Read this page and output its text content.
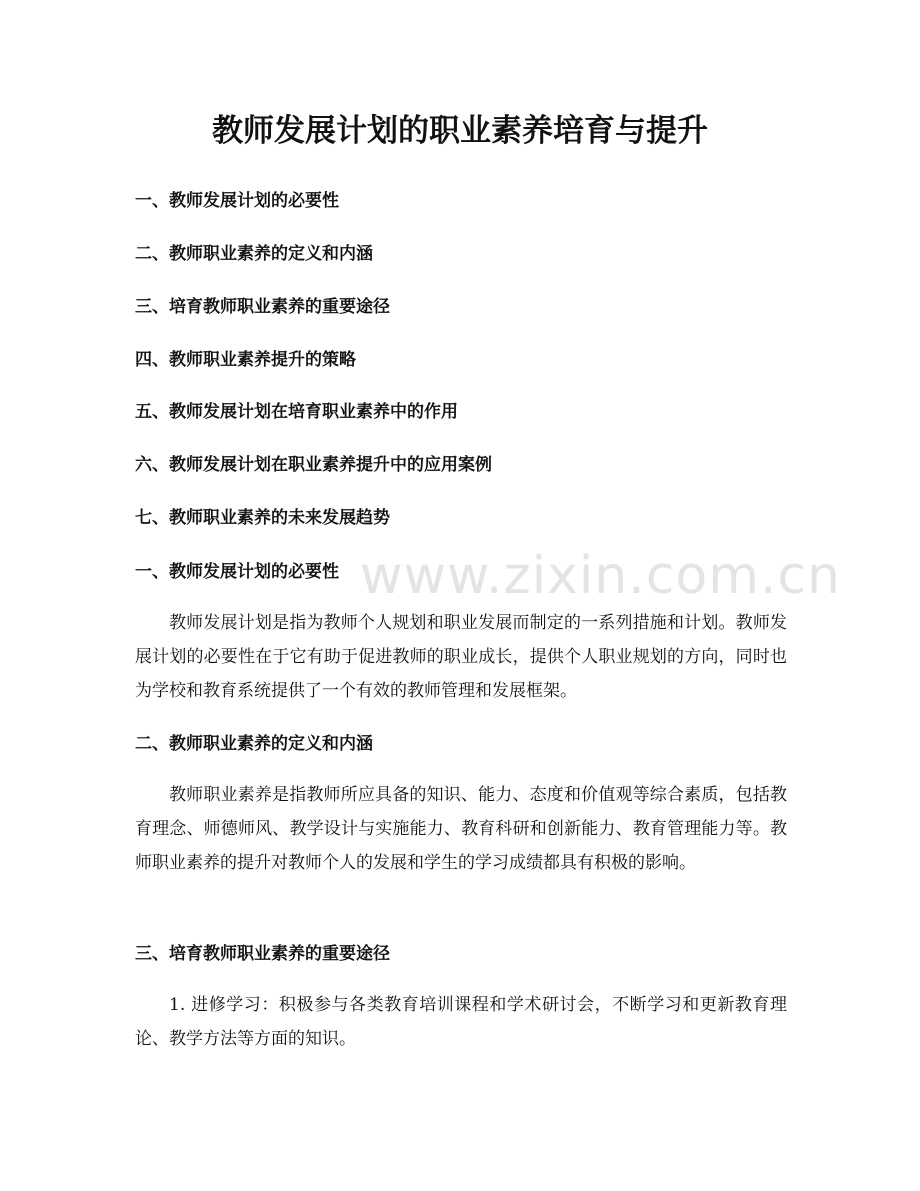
教师发展计划的职业素养培育与提升
一、教师发展计划的必要性
二、教师职业素养的定义和内涵
三、培育教师职业素养的重要途径
四、教师职业素养提升的策略
五、教师发展计划在培育职业素养中的作用
六、教师发展计划在职业素养提升中的应用案例
七、教师职业素养的未来发展趋势
www.zixin.com.cn
一、教师发展计划的必要性

教师发展计划是指为教师个人规划和职业发展而制定的一系列措施和计划。教师发展计划的必要性在于它有助于促进教师的职业成长，提供个人职业规划的方向，同时也为学校和教育系统提供了一个有效的教师管理和发展框架。

二、教师职业素养的定义和内涵

教师职业素养是指教师所应具备的知识、能力、态度和价值观等综合素质，包括教育理念、师德师风、教学设计与实施能力、教育科研和创新能力、教育管理能力等。教师职业素养的提升对教师个人的发展和学生的学习成绩都具有积极的影响。

三、培育教师职业素养的重要途径

1. 进修学习：积极参与各类教育培训课程和学术研讨会，不断学习和更新教育理论、教学方法等方面的知识。
